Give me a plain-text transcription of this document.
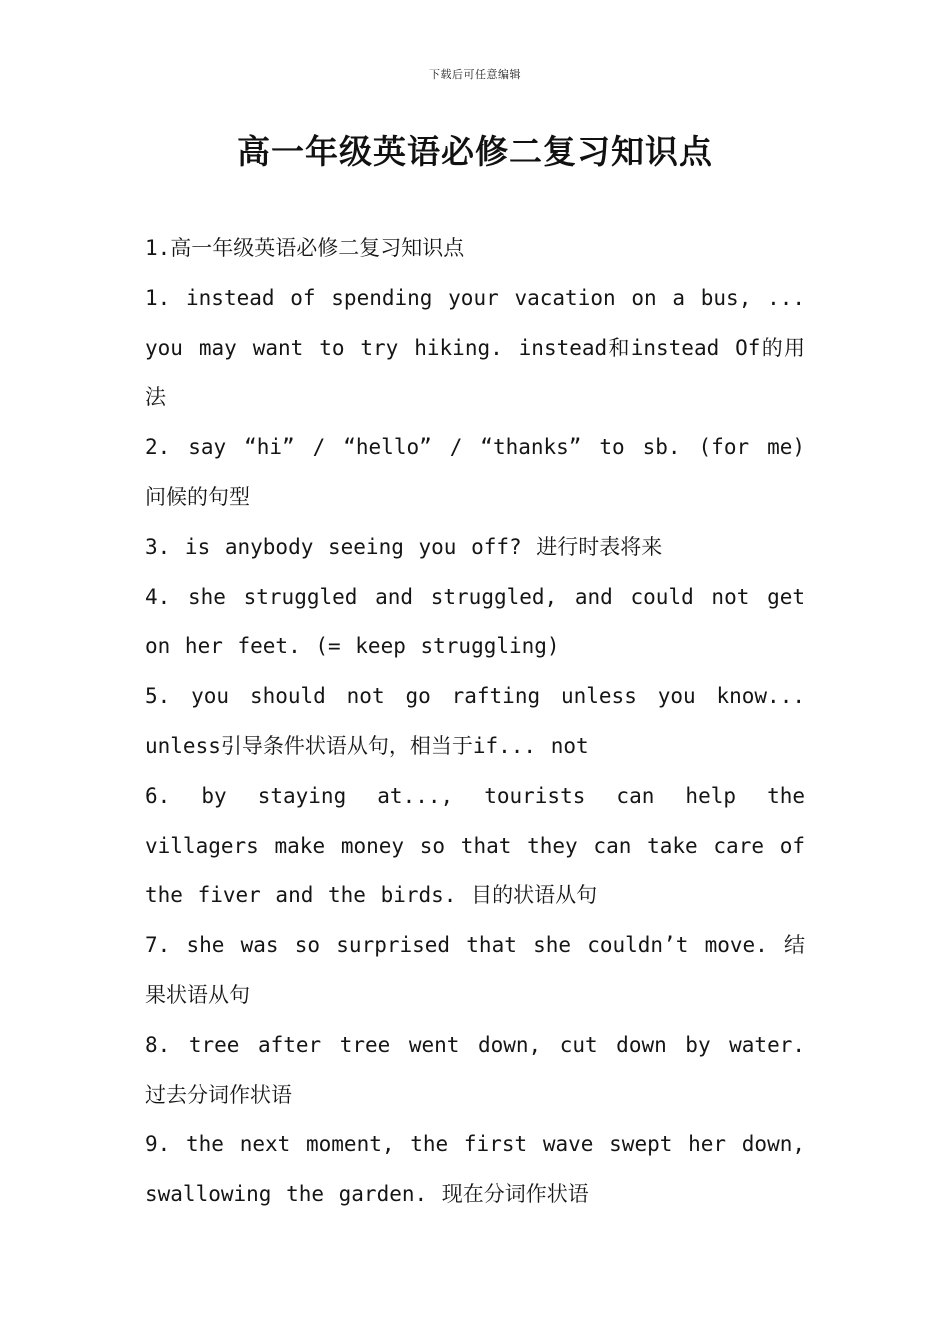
下载后可任意编辑
高一年级英语必修二复习知识点

1.高一年级英语必修二复习知识点

1. instead of spending your vacation on a bus, ... you may want to try hiking. instead和instead Of的用法

2. say “hi” / “hello” / “thanks” to sb. (for me) 问候的句型

3. is anybody seeing you off? 进行时表将来

4. she struggled and struggled, and could not get on her feet. (= keep struggling)

5. you should not go rafting unless you know... unless引导条件状语从句，相当于if... not

6. by staying at..., tourists can help the villagers make money so that they can take care of the fiver and the birds. 目的状语从句

7. she was so surprised that she couldn’t move. 结果状语从句

8. tree after tree went down, cut down by water. 过去分词作状语

9. the next moment, the first wave swept her down, swallowing the garden. 现在分词作状语
